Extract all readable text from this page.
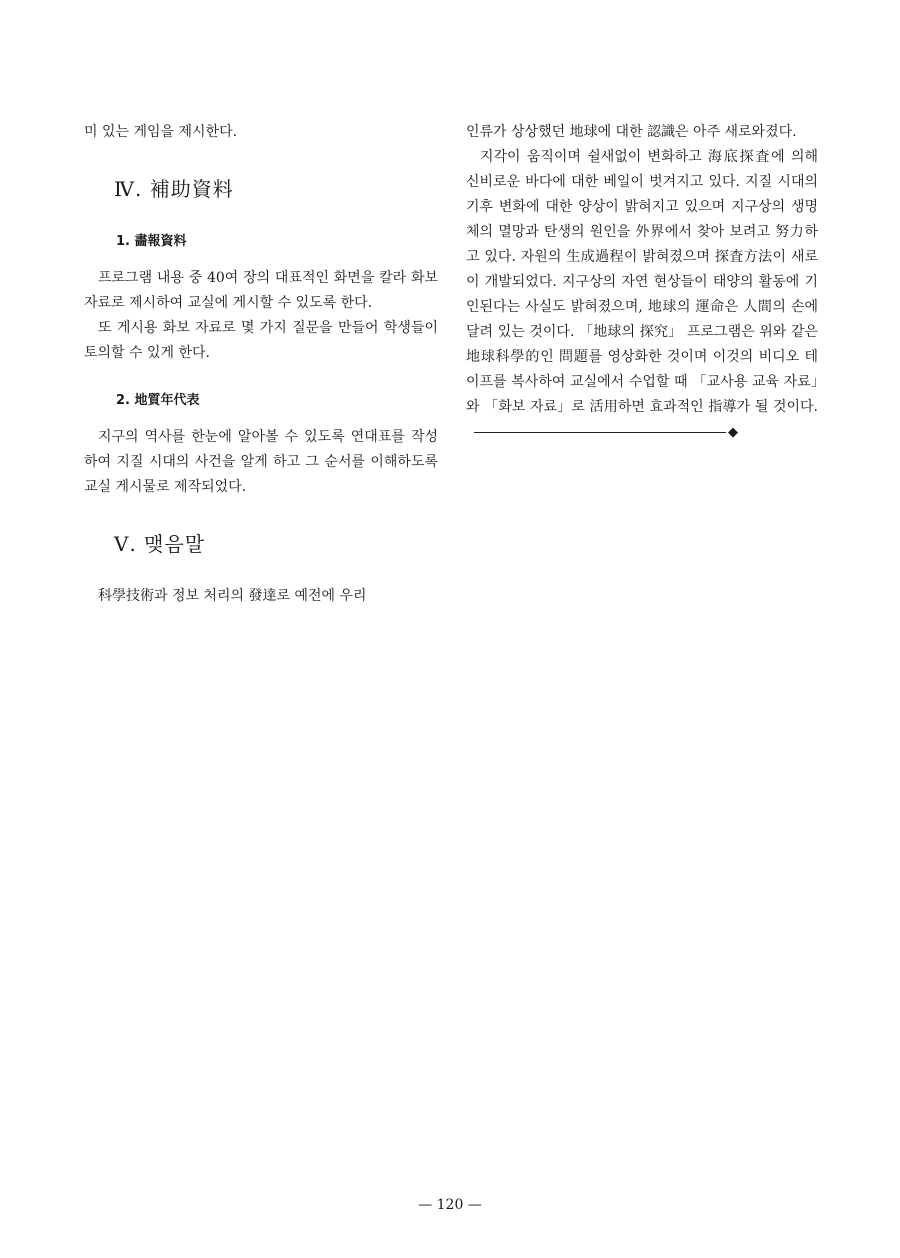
미 있는 게임을 제시한다.

Ⅳ. 補助資料
1. 畵報資料

프로그램 내용 중 40여 장의 대표적인 화면을 칼라 화보 자료로 제시하여 교실에 게시할 수 있도록 한다.

또 게시용 화보 자료로 몇 가지 질문을 만들어 학생들이 토의할 수 있게 한다.

2. 地質年代表

지구의 역사를 한눈에 알아볼 수 있도록 연대표를 작성하여 지질 시대의 사건을 알게 하고 그 순서를 이해하도록 교실 게시물로 제작되었다.

Ⅴ. 맺음말

科學技術과 정보 처리의 發達로 예전에 우리

인류가 상상했던 地球에 대한 認識은 아주 새로와졌다.

지각이 움직이며 쉴새없이 변화하고 海底探査에 의해 신비로운 바다에 대한 베일이 벗겨지고 있다. 지질 시대의 기후 변화에 대한 양상이 밝혀지고 있으며 지구상의 생명체의 멸망과 탄생의 원인을 外界에서 찾아 보려고 努力하고 있다. 자원의 生成過程이 밝혀졌으며 探査方法이 새로이 개발되었다. 지구상의 자연 현상들이 태양의 활동에 기인된다는 사실도 밝혀졌으며, 地球의 運命은 人間의 손에 달려 있는 것이다. 「地球의 探究」 프로그램은 위와 같은 地球科學的인 問題를 영상화한 것이며 이것의 비디오 테이프를 복사하여 교실에서 수업할 때 「교사용 교육 자료」와 「화보 자료」로 活用하면 효과적인 指導가 될 것이다.◆

— 120 —
